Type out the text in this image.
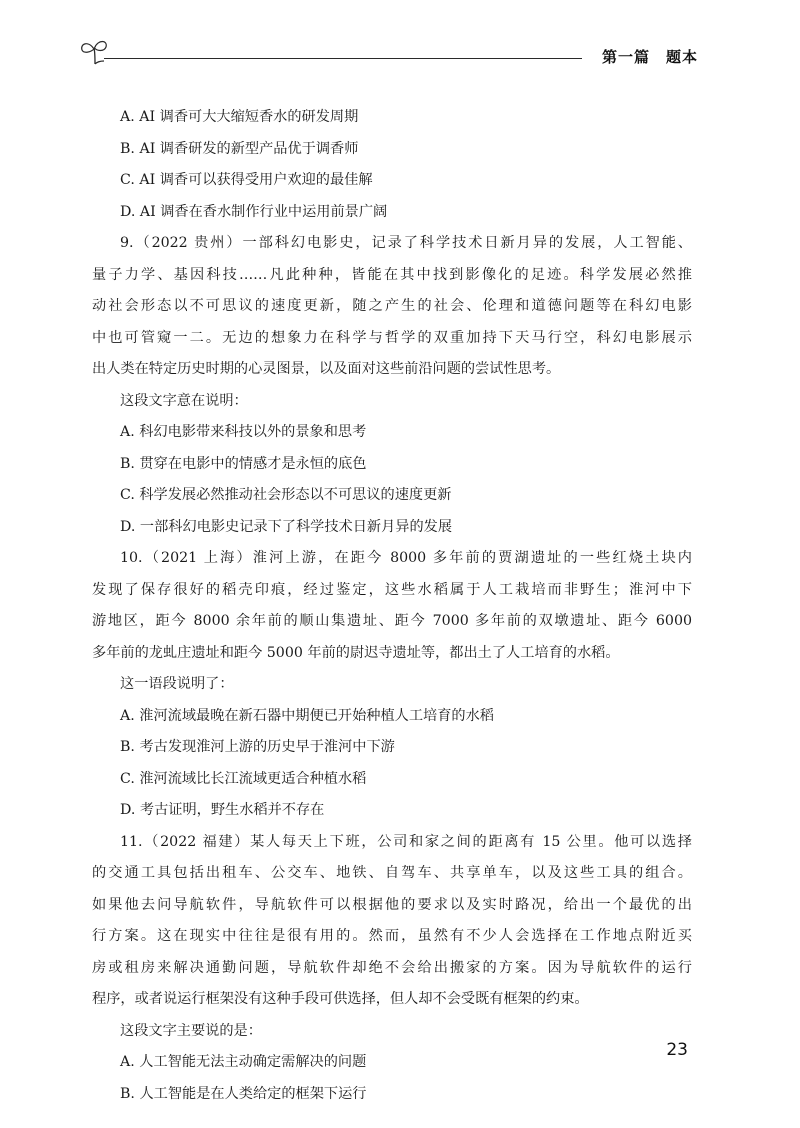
第一篇　题本
A. AI 调香可大大缩短香水的研发周期
B. AI 调香研发的新型产品优于调香师
C. AI 调香可以获得受用户欢迎的最佳解
D. AI 调香在香水制作行业中运用前景广阔
9.（2022 贵州）一部科幻电影史，记录了科学技术日新月异的发展，人工智能、
量子力学、基因科技……凡此种种，皆能在其中找到影像化的足迹。科学发展必然推
动社会形态以不可思议的速度更新，随之产生的社会、伦理和道德问题等在科幻电影
中也可管窥一二。无边的想象力在科学与哲学的双重加持下天马行空，科幻电影展示
出人类在特定历史时期的心灵图景，以及面对这些前沿问题的尝试性思考。
这段文字意在说明：
A. 科幻电影带来科技以外的景象和思考
B. 贯穿在电影中的情感才是永恒的底色
C. 科学发展必然推动社会形态以不可思议的速度更新
D. 一部科幻电影史记录下了科学技术日新月异的发展
10.（2021 上海）淮河上游，在距今 8000 多年前的贾湖遗址的一些红烧土块内
发现了保存很好的稻壳印痕，经过鉴定，这些水稻属于人工栽培而非野生；淮河中下
游地区，距今 8000 余年前的顺山集遗址、距今 7000 多年前的双墩遗址、距今 6000
多年前的龙虬庄遗址和距今 5000 年前的尉迟寺遗址等，都出土了人工培育的水稻。
这一语段说明了：
A. 淮河流域最晚在新石器中期便已开始种植人工培育的水稻
B. 考古发现淮河上游的历史早于淮河中下游
C. 淮河流域比长江流域更适合种植水稻
D. 考古证明，野生水稻并不存在
11.（2022 福建）某人每天上下班，公司和家之间的距离有 15 公里。他可以选择
的交通工具包括出租车、公交车、地铁、自驾车、共享单车，以及这些工具的组合。
如果他去问导航软件，导航软件可以根据他的要求以及实时路况，给出一个最优的出
行方案。这在现实中往往是很有用的。然而，虽然有不少人会选择在工作地点附近买
房或租房来解决通勤问题，导航软件却绝不会给出搬家的方案。因为导航软件的运行
程序，或者说运行框架没有这种手段可供选择，但人却不会受既有框架的约束。
这段文字主要说的是：
A. 人工智能无法主动确定需解决的问题
B. 人工智能是在人类给定的框架下运行
23
